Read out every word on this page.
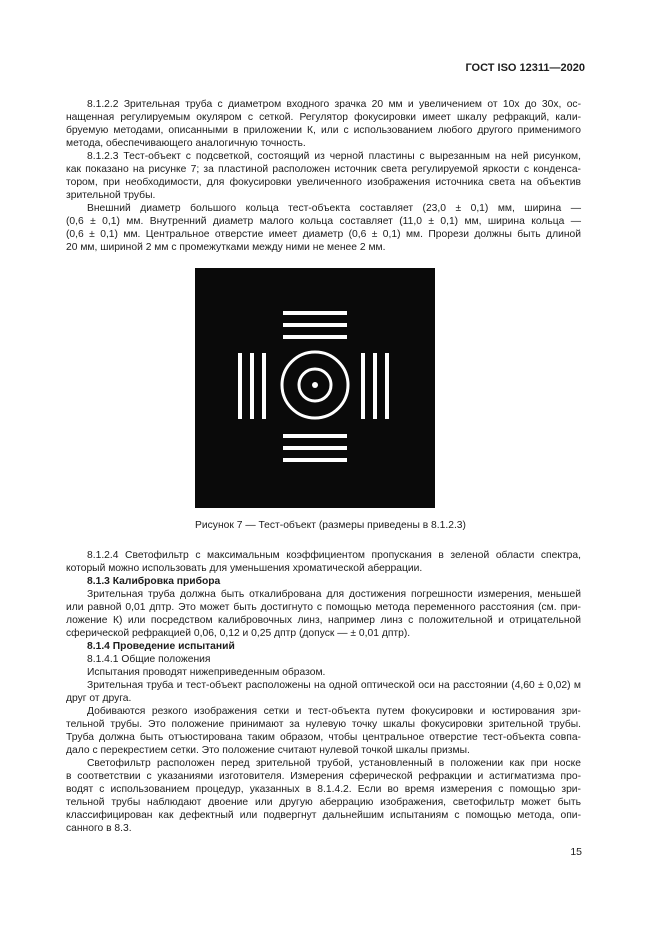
ГОСТ ISO 12311—2020
8.1.2.2 Зрительная труба с диаметром входного зрачка 20 мм и увеличением от 10х до 30х, ос-
нащенная регулируемым окуляром с сеткой. Регулятор фокусировки имеет шкалу рефракций, кали-
бруемую методами, описанными в приложении К, или с использованием любого другого применимого
метода, обеспечивающего аналогичную точность.
8.1.2.3 Тест-объект с подсветкой, состоящий из черной пластины с вырезанным на ней рисунком,
как показано на рисунке 7; за пластиной расположен источник света регулируемой яркости с конденса-
тором, при необходимости, для фокусировки увеличенного изображения источника света на объектив
зрительной трубы.
Внешний диаметр большого кольца тест-объекта составляет (23,0 ± 0,1) мм, ширина —
(0,6 ± 0,1) мм. Внутренний диаметр малого кольца составляет (11,0 ± 0,1) мм, ширина кольца —
(0,6 ± 0,1) мм. Центральное отверстие имеет диаметр (0,6 ± 0,1) мм. Прорези должны быть длиной
20 мм, шириной 2 мм с промежутками между ними не менее 2 мм.
Рисунок 7 — Тест-объект (размеры приведены в 8.1.2.3)
8.1.2.4 Светофильтр с максимальным коэффициентом пропускания в зеленой области спектра,
который можно использовать для уменьшения хроматической аберрации.
8.1.3 Калибровка прибора
Зрительная труба должна быть откалибрована для достижения погрешности измерения, меньшей
или равной 0,01 дптр. Это может быть достигнуто с помощью метода переменного расстояния (см. при-
ложение К) или посредством калибровочных линз, например линз с положительной и отрицательной
сферической рефракцией 0,06, 0,12 и 0,25 дптр (допуск — ± 0,01 дптр).
8.1.4 Проведение испытаний
8.1.4.1 Общие положения
Испытания проводят нижеприведенным образом.
Зрительная труба и тест-объект расположены на одной оптической оси на расстоянии (4,60 ± 0,02) м
друг от друга.
Добиваются резкого изображения сетки и тест-объекта путем фокусировки и юстирования зри-
тельной трубы. Это положение принимают за нулевую точку шкалы фокусировки зрительной трубы.
Труба должна быть отъюстирована таким образом, чтобы центральное отверстие тест-объекта совпа-
дало с перекрестием сетки. Это положение считают нулевой точкой шкалы призмы.
Светофильтр расположен перед зрительной трубой, установленный в положении как при носке
в соответствии с указаниями изготовителя. Измерения сферической рефракции и астигматизма про-
водят с использованием процедур, указанных в 8.1.4.2. Если во время измерения с помощью зри-
тельной трубы наблюдают двоение или другую аберрацию изображения, светофильтр может быть
классифицирован как дефектный или подвергнут дальнейшим испытаниям с помощью метода, опи-
санного в 8.3.
15
